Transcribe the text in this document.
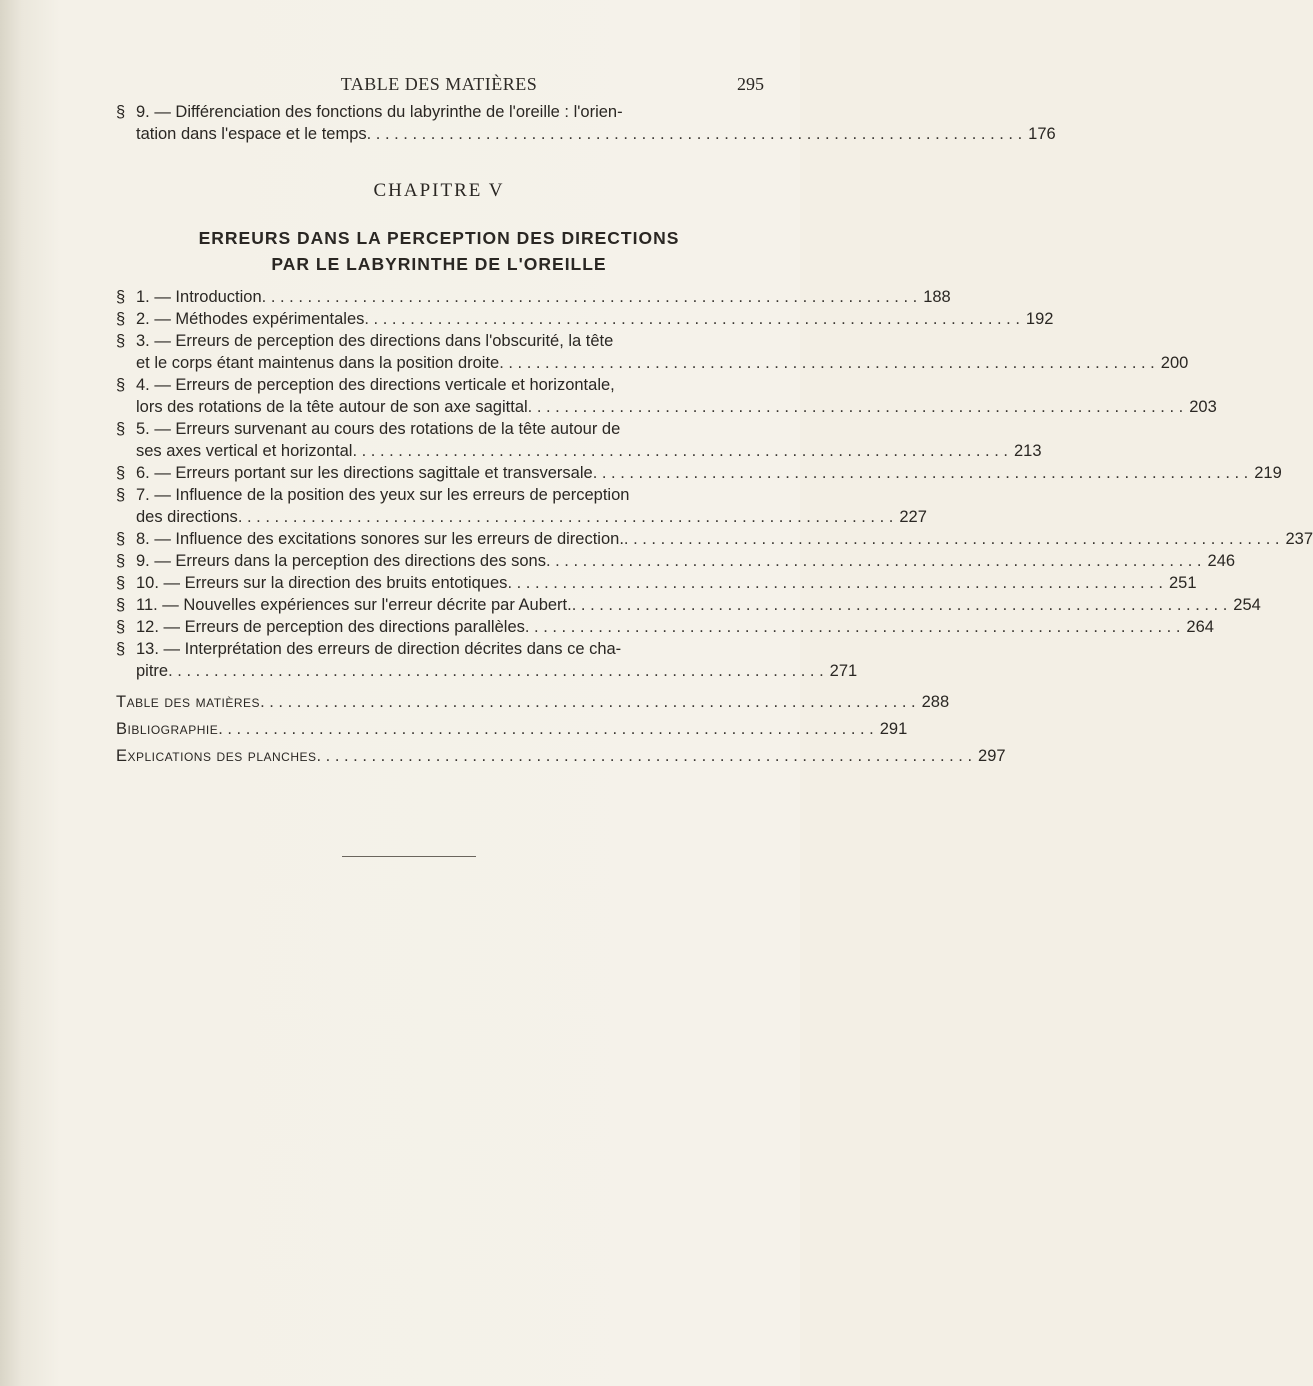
TABLE DES MATIÈRES	295
§ 9. — Différenciation des fonctions du labyrinthe de l'oreille : l'orien-
tation dans l'espace et le temps . . .	176
CHAPITRE V
ERREURS DANS LA PERCEPTION DES DIRECTIONS
PAR LE LABYRINTHE DE L'OREILLE
§ 1. — Introduction . . .	188
§ 2. — Méthodes expérimentales . . .	192
§ 3. — Erreurs de perception des directions dans l'obscurité, la tête
et le corps étant maintenus dans la position droite . . .	200
§ 4. — Erreurs de perception des directions verticale et horizontale,
lors des rotations de la tête autour de son axe sagittal . . .	203
§ 5. — Erreurs survenant au cours des rotations de la tête autour de
ses axes vertical et horizontal . . .	213
§ 6. — Erreurs portant sur les directions sagittale et transversale . . .	219
§ 7. — Influence de la position des yeux sur les erreurs de perception
des directions . . .	227
§ 8. — Influence des excitations sonores sur les erreurs de direction. . . .	237
§ 9. — Erreurs dans la perception des directions des sons . . .	246
§ 10. — Erreurs sur la direction des bruits entotiques . . .	251
§ 11. — Nouvelles expériences sur l'erreur décrite par Aubert. . . .	254
§ 12. — Erreurs de perception des directions parallèles . . .	264
§ 13. — Interprétation des erreurs de direction décrites dans ce cha-
pitre . . .	271
Table des matières . . .	288
Bibliographie . . .	291
Explications des planches . . .	297
